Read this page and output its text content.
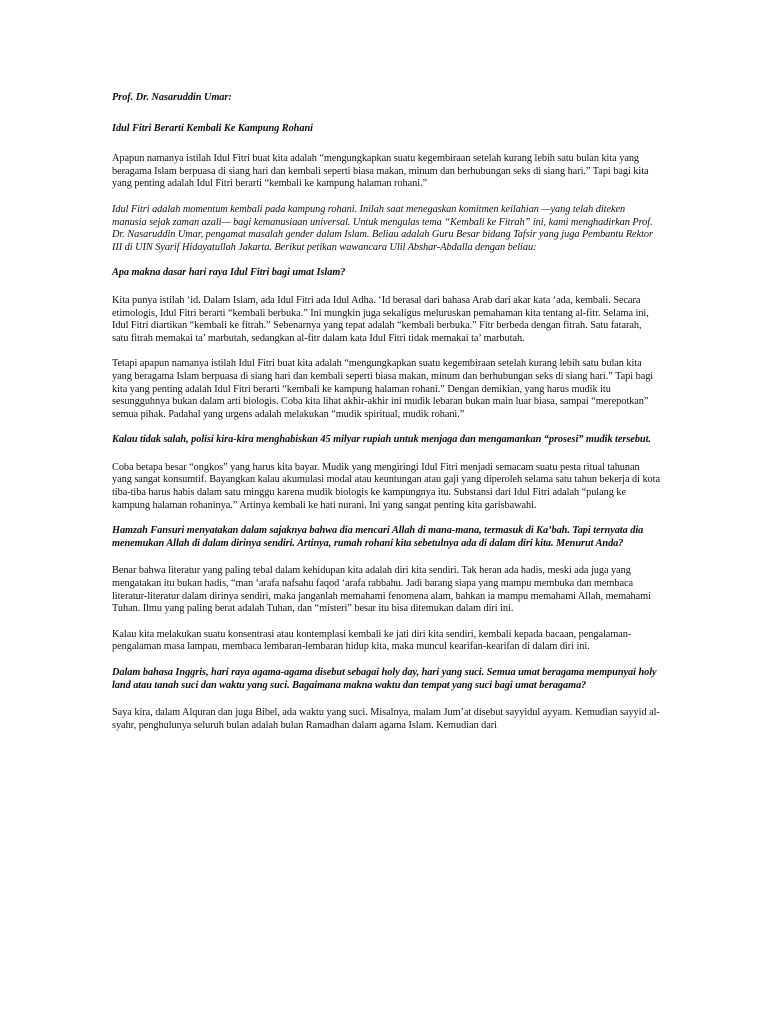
Prof. Dr. Nasaruddin Umar:

Idul Fitri Berarti Kembali Ke Kampung Rohani

Apapun namanya istilah Idul Fitri buat kita adalah “mengungkapkan suatu kegembiraan setelah kurang lebih satu bulan kita yang beragama Islam berpuasa di siang hari dan kembali seperti biasa makan, minum dan berhubungan seks di siang hari.” Tapi bagi kita yang penting adalah Idul Fitri berarti “kembali ke kampung halaman rohani.”

Idul Fitri adalah momentum kembali pada kampung rohani. Inilah saat menegaskan komitmen keilahian —yang telah diteken manusia sejak zaman azali— bagi kemanusiaan universal. Untuk mengulas tema “Kembali ke Fitrah” ini, kami menghadirkan Prof. Dr. Nasaruddin Umar, pengamat masalah gender dalam Islam. Beliau adalah Guru Besar bidang Tafsir yang juga Pembantu Rektor III di UIN Syarif Hidayatullah Jakarta. Berikut petikan wawancara Ulil Abshar-Abdalla dengan beliau:

Apa makna dasar hari raya Idul Fitri bagi umat Islam?

Kita punya istilah ‘id. Dalam Islam, ada Idul Fitri ada Idul Adha. ‘Id berasal dari bahasa Arab dari akar kata ‘ada, kembali. Secara etimologis, Idul Fitri berarti “kembali berbuka.” Ini mungkin juga sekaligus meluruskan pemahaman kita tentang al-fitr. Selama ini, Idul Fitri diartikan “kembali ke fitrah.” Sebenarnya yang tepat adalah “kembali berbuka.” Fitr berbeda dengan fitrah. Satu fatarah, satu fitrah memakai ta’ marbutah, sedangkan al-fitr dalam kata Idul Fitri tidak memakai ta’ marbutah.

Tetapi apapun namanya istilah Idul Fitri buat kita adalah “mengungkapkan suatu kegembiraan setelah kurang lebih satu bulan kita yang beragama Islam berpuasa di siang hari dan kembali seperti biasa makan, minum dan berhubungan seks di siang hari.” Tapi bagi kita yang penting adalah Idul Fitri berarti “kembali ke kampung halaman rohani.” Dengan demikian, yang harus mudik itu sesungguhnya bukan dalam arti biologis. Coba kita lihat akhir-akhir ini mudik lebaran bukan main luar biasa, sampai “merepotkan” semua pihak. Padahal yang urgens adalah melakukan “mudik spiritual, mudik rohani.”

Kalau tidak salah, polisi kira-kira menghabiskan 45 milyar rupiah untuk menjaga dan mengamankan “prosesi” mudik tersebut.

Coba betapa besar “ongkos” yang harus kita bayar. Mudik yang mengiringi Idul Fitri menjadi semacam suatu pesta ritual tahunan yang sangat konsumtif. Bayangkan kalau akumulasi modal atau keuntungan atau gaji yang diperoleh selama satu tahun bekerja di kota tiba-tiba harus habis dalam satu minggu karena mudik biologis ke kampungnya itu. Substansi dari Idul Fitri adalah “pulang ke kampung halaman rohaninya.” Artinya kembali ke hati nurani. Ini yang sangat penting kita garisbawahi.

Hamzah Fansuri menyatakan dalam sajaknya bahwa dia mencari Allah di mana-mana, termasuk di Ka’bah. Tapi ternyata dia menemukan Allah di dalam dirinya sendiri. Artinya, rumah rohani kita sebetulnya ada di dalam diri kita. Menurut Anda?

Benar bahwa literatur yang paling tebal dalam kehidupan kita adalah diri kita sendiri. Tak heran ada hadis, meski ada juga yang mengatakan itu bukan hadis, “man ‘arafa nafsahu faqod ‘arafa rabbahu. Jadi barang siapa yang mampu membuka dan membaca literatur-literatur dalam dirinya sendiri, maka janganlah memahami fenomena alam, bahkan ia mampu memahami Allah, memahami Tuhan. Ilmu yang paling berat adalah Tuhan, dan “misteri” besar itu bisa ditemukan dalam diri ini.

Kalau kita melakukan suatu konsentrasi atau kontemplasi kembali ke jati diri kita sendiri, kembali kepada bacaan, pengalaman-pengalaman masa lampau, membaca lembaran-lembaran hidup kita, maka muncul kearifan-kearifan di dalam diri ini.

Dalam bahasa Inggris, hari raya agama-agama disebut sebagai holy day, hari yang suci. Semua umat beragama mempunyai holy land atau tanah suci dan waktu yang suci. Bagaimana makna waktu dan tempat yang suci bagi umat beragama?

Saya kira, dalam Alquran dan juga Bibel, ada waktu yang suci. Misalnya, malam Jum’at disebut sayyidul ayyam. Kemudian sayyid al-syahr, penghulunya seluruh bulan adalah bulan Ramadhan dalam agama Islam. Kemudian dari
